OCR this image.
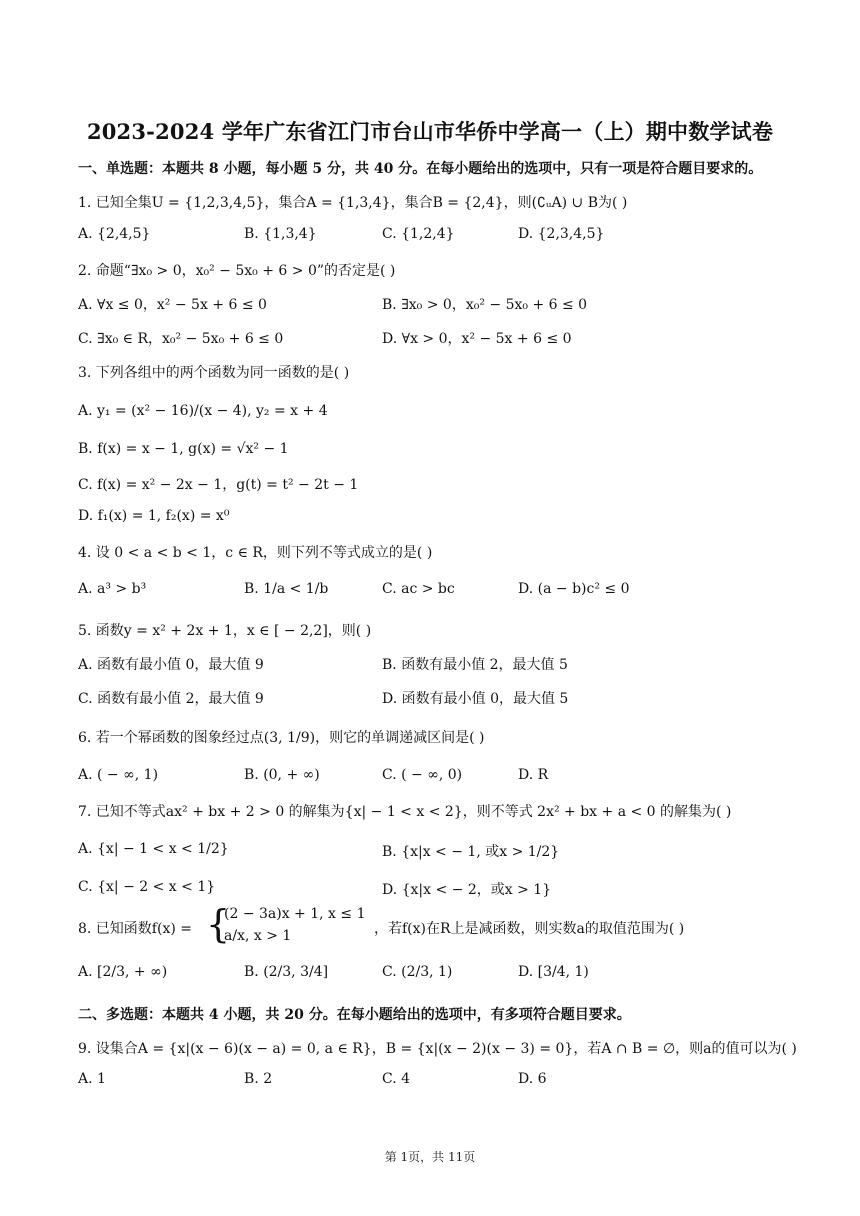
2023-2024 学年广东省江门市台山市华侨中学高一（上）期中数学试卷
一、单选题：本题共 8 小题，每小题 5 分，共 40 分。在每小题给出的选项中，只有一项是符合题目要求的。
1. 已知全集U = {1,2,3,4,5}，集合A = {1,3,4}，集合B = {2,4}，则(∁ᵤA) ∪ B为( )
A. {2,4,5}	B. {1,3,4}	C. {1,2,4}	D. {2,3,4,5}
2. 命题“∃x₀ > 0，x₀² − 5x₀ + 6 > 0”的否定是( )
A. ∀x ≤ 0，x² − 5x + 6 ≤ 0	B. ∃x₀ > 0，x₀² − 5x₀ + 6 ≤ 0
C. ∃x₀ ∈ R，x₀² − 5x₀ + 6 ≤ 0	D. ∀x > 0，x² − 5x + 6 ≤ 0
3. 下列各组中的两个函数为同一函数的是( )
A. y₁ = (x² − 16)/(x − 4), y₂ = x + 4
B. f(x) = x − 1, g(x) = √x² − 1
C. f(x) = x² − 2x − 1，g(t) = t² − 2t − 1
D. f₁(x) = 1, f₂(x) = x⁰
4. 设 0 < a < b < 1，c ∈ R，则下列不等式成立的是( )
A. a³ > b³	B. 1/a < 1/b	C. ac > bc	D. (a − b)c² ≤ 0
5. 函数y = x² + 2x + 1，x ∈ [ − 2,2]，则( )
A. 函数有最小值 0，最大值 9	B. 函数有最小值 2，最大值 5
C. 函数有最小值 2，最大值 9	D. 函数有最小值 0，最大值 5
6. 若一个幂函数的图象经过点(3, 1/9)，则它的单调递减区间是( )
A. ( − ∞, 1)	B. (0, + ∞)	C. ( − ∞, 0)	D. R
7. 已知不等式ax² + bx + 2 > 0 的解集为{x| − 1 < x < 2}，则不等式 2x² + bx + a < 0 的解集为( )
A. {x| − 1 < x < 1/2}	B. {x|x < − 1, 或x > 1/2}
C. {x| − 2 < x < 1}	D. {x|x < − 2，或x > 1}
8. 已知函数f(x) = {
(2 − 3a)x + 1, x ≤ 1
a/x, x > 1	，若f(x)在R上是减函数，则实数a的取值范围为( )
A. [2/3, + ∞)	B. (2/3, 3/4]	C. (2/3, 1)	D. [3/4, 1)
二、多选题：本题共 4 小题，共 20 分。在每小题给出的选项中，有多项符合题目要求。
9. 设集合A = {x|(x − 6)(x − a) = 0, a ∈ R}，B = {x|(x − 2)(x − 3) = 0}，若A ∩ B = ∅，则a的值可以为( )
A. 1	B. 2	C. 4	D. 6
第 1页，共 11页
